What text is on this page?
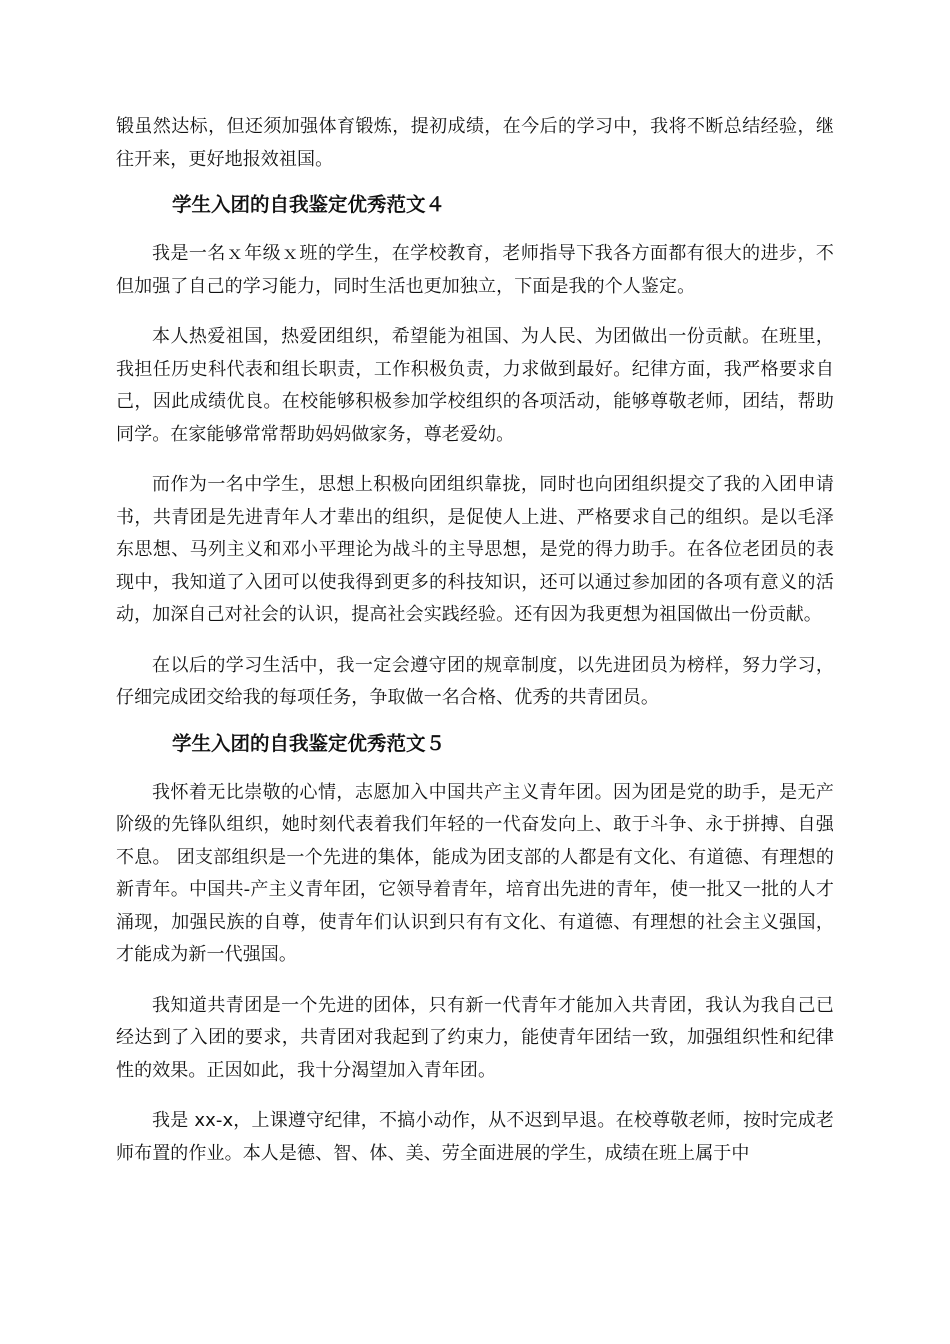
锻虽然达标，但还须加强体育锻炼，提初成绩，在今后的学习中，我将不断总结经验，继往开来，更好地报效祖国。

学生入团的自我鉴定优秀范文４

我是一名ｘ年级ｘ班的学生，在学校教育，老师指导下我各方面都有很大的进步，不但加强了自己的学习能力，同时生活也更加独立，下面是我的个人鉴定。

本人热爱祖国，热爱团组织，希望能为祖国、为人民、为团做出一份贡献。在班里，我担任历史科代表和组长职责，工作积极负责，力求做到最好。纪律方面，我严格要求自己，因此成绩优良。在校能够积极参加学校组织的各项活动，能够尊敬老师，团结，帮助同学。在家能够常常帮助妈妈做家务，尊老爱幼。

而作为一名中学生，思想上积极向团组织靠拢，同时也向团组织提交了我的入团申请书，共青团是先进青年人才辈出的组织，是促使人上进、严格要求自己的组织。是以毛泽东思想、马列主义和邓小平理论为战斗的主导思想，是党的得力助手。在各位老团员的表现中，我知道了入团可以使我得到更多的科技知识，还可以通过参加团的各项有意义的活动，加深自己对社会的认识，提高社会实践经验。还有因为我更想为祖国做出一份贡献。

在以后的学习生活中，我一定会遵守团的规章制度，以先进团员为榜样，努力学习，仔细完成团交给我的每项任务，争取做一名合格、优秀的共青团员。

学生入团的自我鉴定优秀范文５

我怀着无比崇敬的心情，志愿加入中国共产主义青年团。因为团是党的助手，是无产阶级的先锋队组织，她时刻代表着我们年轻的一代奋发向上、敢于斗争、永于拼搏、自强不息。 团支部组织是一个先进的集体，能成为团支部的人都是有文化、有道德、有理想的新青年。中国共-产主义青年团，它领导着青年，培育出先进的青年，使一批又一批的人才涌现，加强民族的自尊，使青年们认识到只有有文化、有道德、有理想的社会主义强国，才能成为新一代强国。

我知道共青团是一个先进的团体，只有新一代青年才能加入共青团，我认为我自己已经达到了入团的要求，共青团对我起到了约束力，能使青年团结一致，加强组织性和纪律性的效果。正因如此，我十分渴望加入青年团。

我是 xx-x，上课遵守纪律，不搞小动作，从不迟到早退。在校尊敬老师，按时完成老师布置的作业。本人是德、智、体、美、劳全面进展的学生，成绩在班上属于中
